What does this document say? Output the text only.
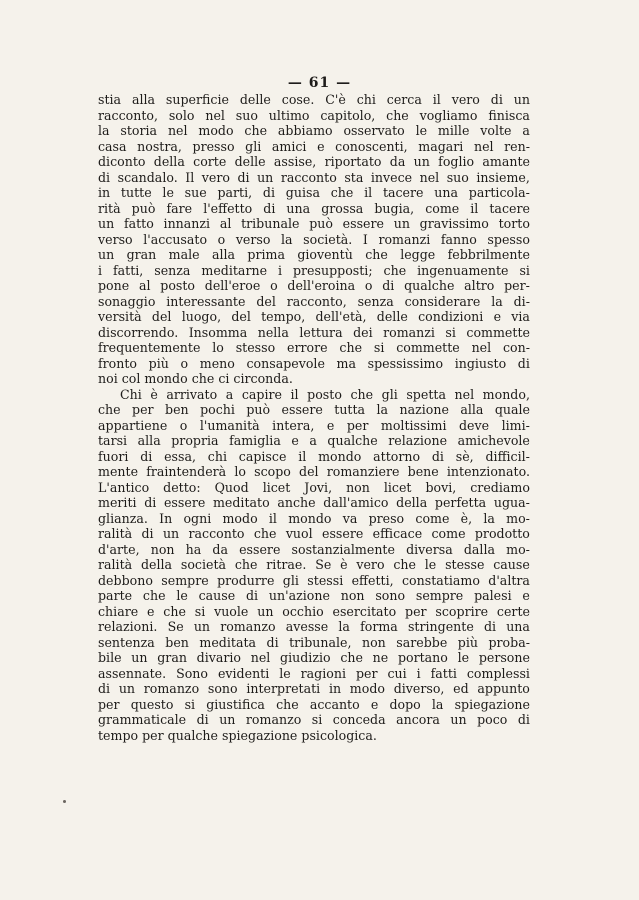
— 61 —
stia alla superficie delle cose. C'è chi cerca il vero di un
racconto, solo nel suo ultimo capitolo, che vogliamo finisca
la storia nel modo che abbiamo osservato le mille volte a
casa nostra, presso gli amici e conoscenti, magari nel ren-
diconto della corte delle assise, riportato da un foglio amante
di scandalo. Il vero di un racconto sta invece nel suo insieme,
in tutte le sue parti, di guisa che il tacere una particola-
rità può fare l'effetto di una grossa bugia, come il tacere
un fatto innanzi al tribunale può essere un gravissimo torto
verso l'accusato o verso la società. I romanzi fanno spesso
un gran male alla prima gioventù che legge febbrilmente
i fatti, senza meditarne i presupposti; che ingenuamente si
pone al posto dell'eroe o dell'eroina o di qualche altro per-
sonaggio interessante del racconto, senza considerare la di-
versità del luogo, del tempo, dell'età, delle condizioni e via
discorrendo. Insomma nella lettura dei romanzi si commette
frequentemente lo stesso errore che si commette nel con-
fronto più o meno consapevole ma spessissimo ingiusto di
noi col mondo che ci circonda.
Chi è arrivato a capire il posto che gli spetta nel mondo,
che per ben pochi può essere tutta la nazione alla quale
appartiene o l'umanità intera, e per moltissimi deve limi-
tarsi alla propria famiglia e a qualche relazione amichevole
fuori di essa, chi capisce il mondo attorno di sè, difficil-
mente fraintenderà lo scopo del romanziere bene intenzionato.
L'antico detto: Quod licet Jovi, non licet bovi, crediamo
meriti di essere meditato anche dall'amico della perfetta ugua-
glianza. In ogni modo il mondo va preso come è, la mo-
ralità di un racconto che vuol essere efficace come prodotto
d'arte, non ha da essere sostanzialmente diversa dalla mo-
ralità della società che ritrae. Se è vero che le stesse cause
debbono sempre produrre gli stessi effetti, constatiamo d'altra
parte che le cause di un'azione non sono sempre palesi e
chiare e che si vuole un occhio esercitato per scoprire certe
relazioni. Se un romanzo avesse la forma stringente di una
sentenza ben meditata di tribunale, non sarebbe più proba-
bile un gran divario nel giudizio che ne portano le persone
assennate. Sono evidenti le ragioni per cui i fatti complessi
di un romanzo sono interpretati in modo diverso, ed appunto
per questo si giustifica che accanto e dopo la spiegazione
grammaticale di un romanzo si conceda ancora un poco di
tempo per qualche spiegazione psicologica.
